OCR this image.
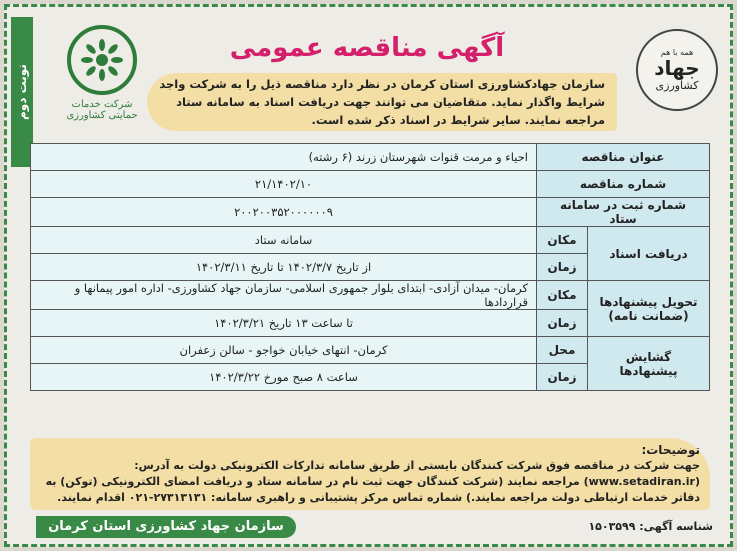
نوبت دوم	شرکت خدمات حمایتی کشاورزی
همه با هم
جهاد
کشاورزی
آگهی مناقصه عمومی
سازمان جهادکشاورزی استان کرمان در نظر دارد مناقصه ذیل را به شرکت واجد شرایط واگذار نماید. متقاضیان می توانند جهت دریافت اسناد به سامانه ستاد مراجعه نمایند. سایر شرایط در اسناد ذکر شده است.
عنوان مناقصه		احیاء و مرمت قنوات شهرستان زرند (۶ رشته)
شماره مناقصه		۲۱/۱۴۰۲/۱۰
شماره ثبت در سامانه ستاد		۲۰۰۲۰۰۳۵۲۰۰۰۰۰۰۹
دریافت اسناد	مکان	سامانه ستاد
	زمان	از تاریخ ۱۴۰۲/۳/۷ تا تاریخ ۱۴۰۲/۳/۱۱
تحویل پیشنهادها (ضمانت نامه)	مکان	کرمان- میدان آزادی- ابتدای بلوار جمهوری اسلامی- سازمان جهاد کشاورزی- اداره امور پیمانها و قراردادها
	زمان	تا ساعت ۱۳ تاریخ ۱۴۰۲/۳/۲۱
گشایش پیشنهادها	محل	کرمان- انتهای خیابان خواجو - سالن زعفران
	زمان	ساعت ۸ صبح مورخ ۱۴۰۲/۳/۲۲
توضیحات:
جهت شرکت در مناقصه فوق شرکت کنندگان بایستی از طریق سامانه تدارکات الکترونیکی دولت به آدرس: (www.setadiran.ir) مراجعه نمایند (شرکت کنندگان جهت ثبت نام در سامانه ستاد و دریافت امضای الکترونیکی (توکن) به دفاتر خدمات ارتباطی دولت مراجعه نمایند.) شماره تماس مرکز پشتیبانی و راهبری سامانه: ۲۷۳۱۳۱۳۱-۰۲۱ اقدام نمایند.
سازمان جهاد کشاورزی استان کرمان	شناسه آگهی: ۱۵۰۳۵۹۹
